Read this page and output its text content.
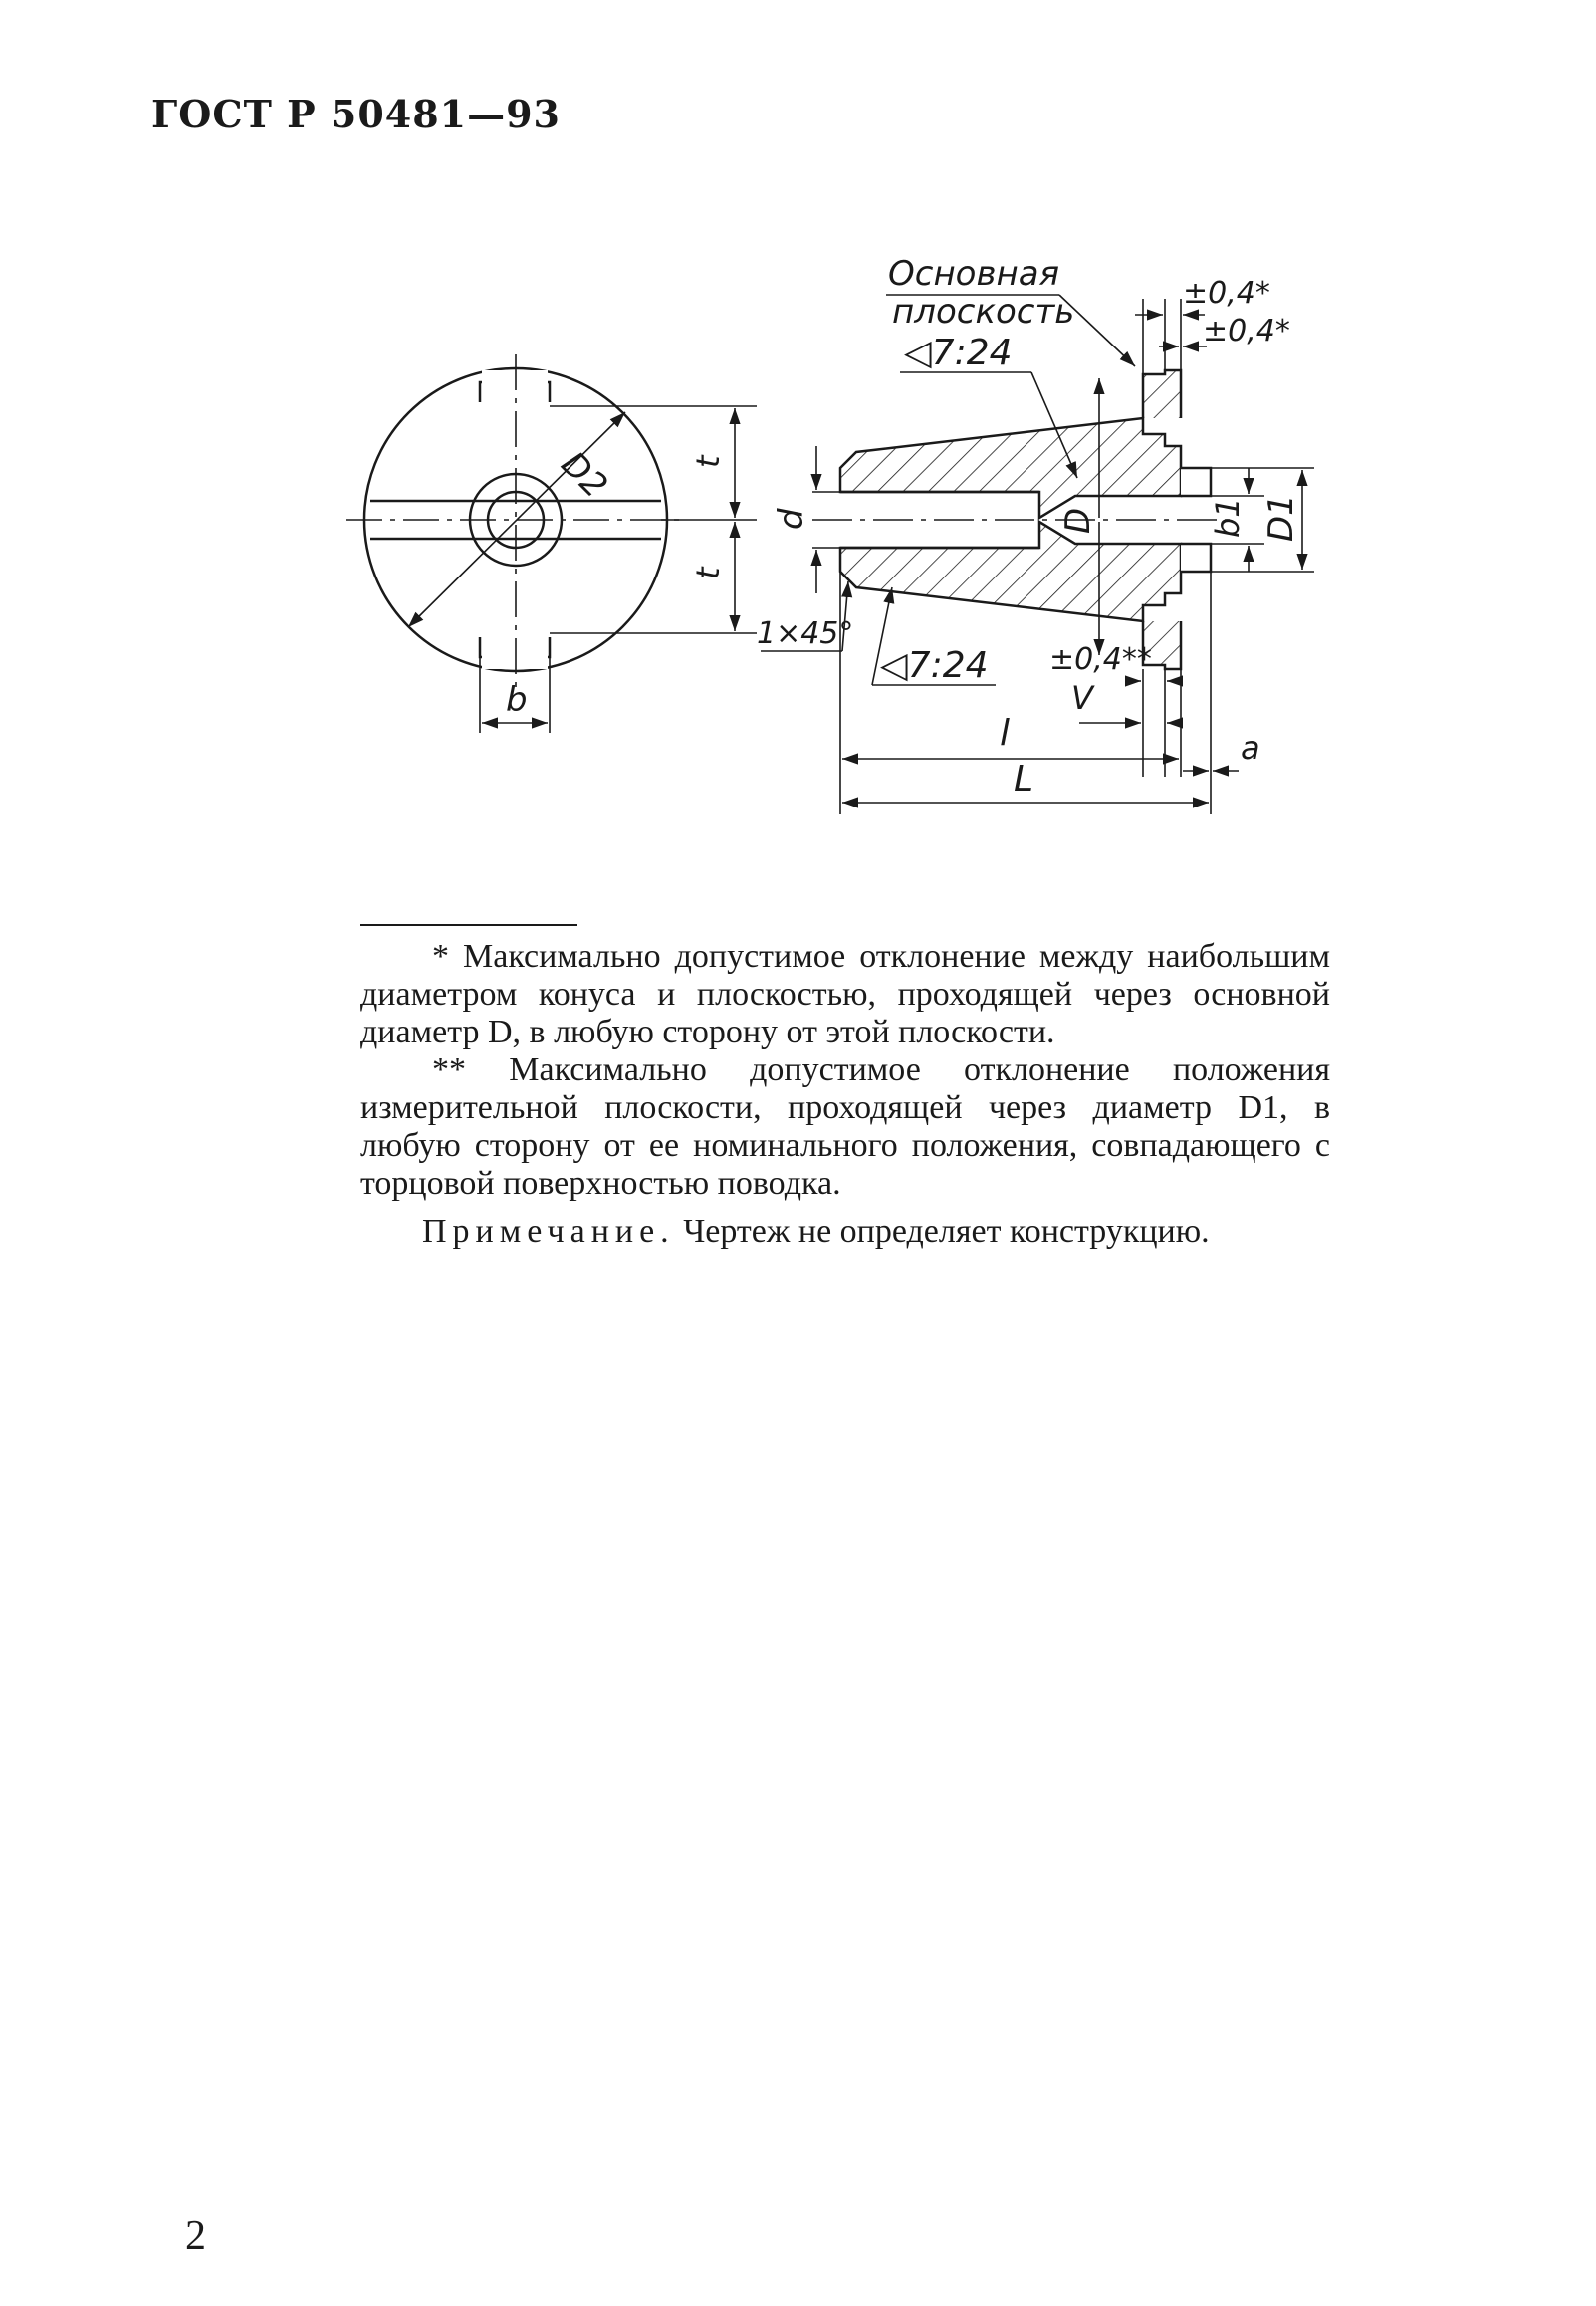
ГОСТ Р 50481—93
D2 t
t
b
Основная
плоскость
◁7:24
◁7:24
±0,4*
±0,4*
±0,4**
1×45°
d	D	b1 D1
V
l
L
a

* Максимально допустимое отклонение между наибольшим диаметром конуса и плоскостью, проходящей через основной диаметр D, в любую сторону от этой плоскости.

** Максимально допустимое отклонение положения измерительной плоскости, проходящей через диаметр D1, в любую сторону от ее номинального положения, совпадающего с торцовой поверхностью поводка.

Примечание. Чертеж не определяет конструкцию.

2
